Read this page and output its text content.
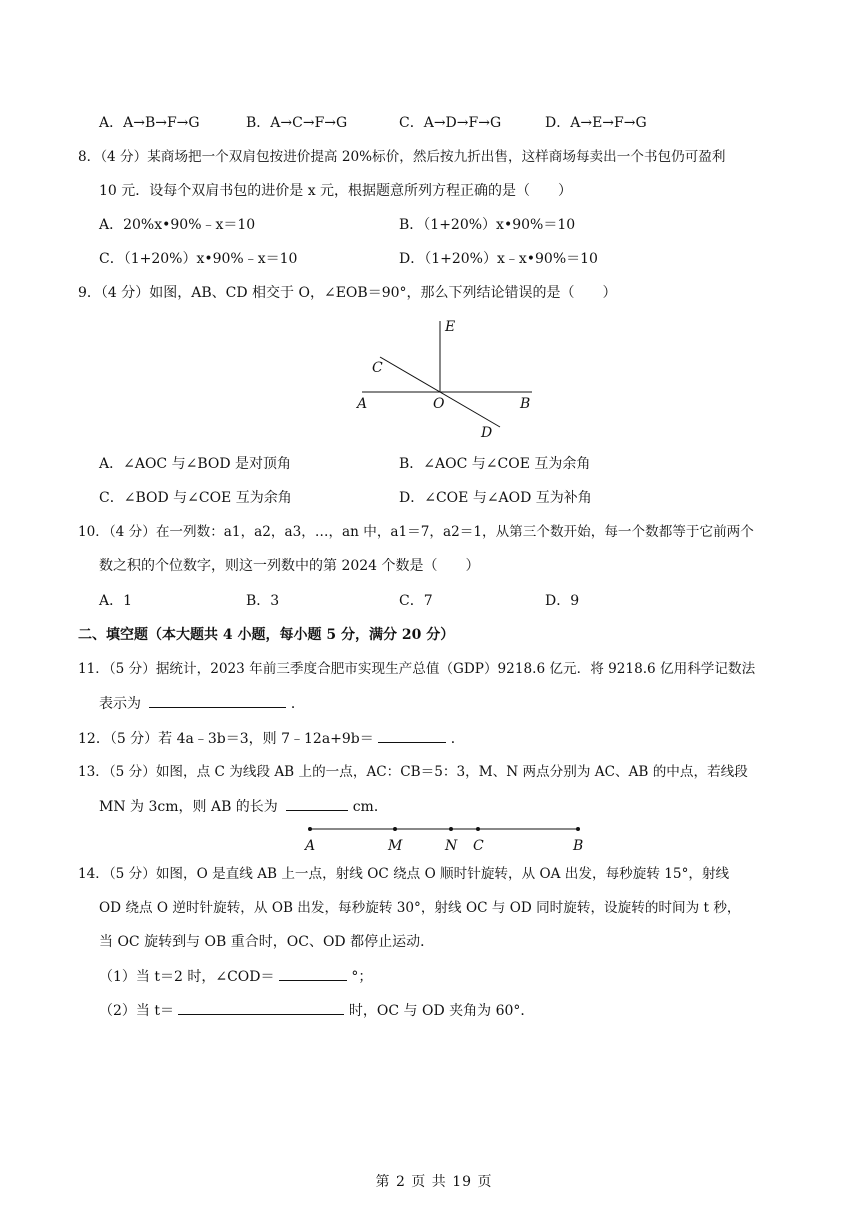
A．A→B→F→G	B．A→C→F→G	C．A→D→F→G	D．A→E→F→G
8．（4 分）某商场把一个双肩包按进价提高 20%标价，然后按九折出售，这样商场每卖出一个书包仍可盈利
10 元．设每个双肩书包的进价是 x 元，根据题意所列方程正确的是（　　）
A．20%x•90%﹣x＝10	B．（1+20%）x•90%＝10
C．（1+20%）x•90%﹣x＝10	D．（1+20%）x﹣x•90%＝10
9．（4 分）如图，AB、CD 相交于 O，∠EOB＝90°，那么下列结论错误的是（　　）
E
C
A	O	B
D
A．∠AOC 与∠BOD 是对顶角	B．∠AOC 与∠COE 互为余角
C．∠BOD 与∠COE 互为余角	D．∠COE 与∠AOD 互为补角
10．（4 分）在一列数：a1，a2，a3，…，an 中，a1＝7，a2＝1，从第三个数开始，每一个数都等于它前两个
数之积的个位数字，则这一列数中的第 2024 个数是（　　）
A．1	B．3	C．7	D．9
二、填空题（本大题共 4 小题，每小题 5 分，满分 20 分）
11．（5 分）据统计，2023 年前三季度合肥市实现生产总值（GDP）9218.6 亿元．将 9218.6 亿用科学记数法
表示为	．
12．（5 分）若 4a﹣3b＝3，则 7﹣12a+9b＝	．
13．（5 分）如图，点 C 为线段 AB 上的一点，AC：CB＝5：3，M、N 两点分别为 AC、AB 的中点，若线段
MN 为 3cm，则 AB 的长为	cm．
A	M	N C	B
14．（5 分）如图，O 是直线 AB 上一点，射线 OC 绕点 O 顺时针旋转，从 OA 出发，每秒旋转 15°，射线
OD 绕点 O 逆时针旋转，从 OB 出发，每秒旋转 30°，射线 OC 与 OD 同时旋转，设旋转的时间为 t 秒，
当 OC 旋转到与 OB 重合时，OC、OD 都停止运动．
（1）当 t＝2 时，∠COD＝	°；
（2）当 t＝	时，OC 与 OD 夹角为 60°．
第 2 页 共 19 页
